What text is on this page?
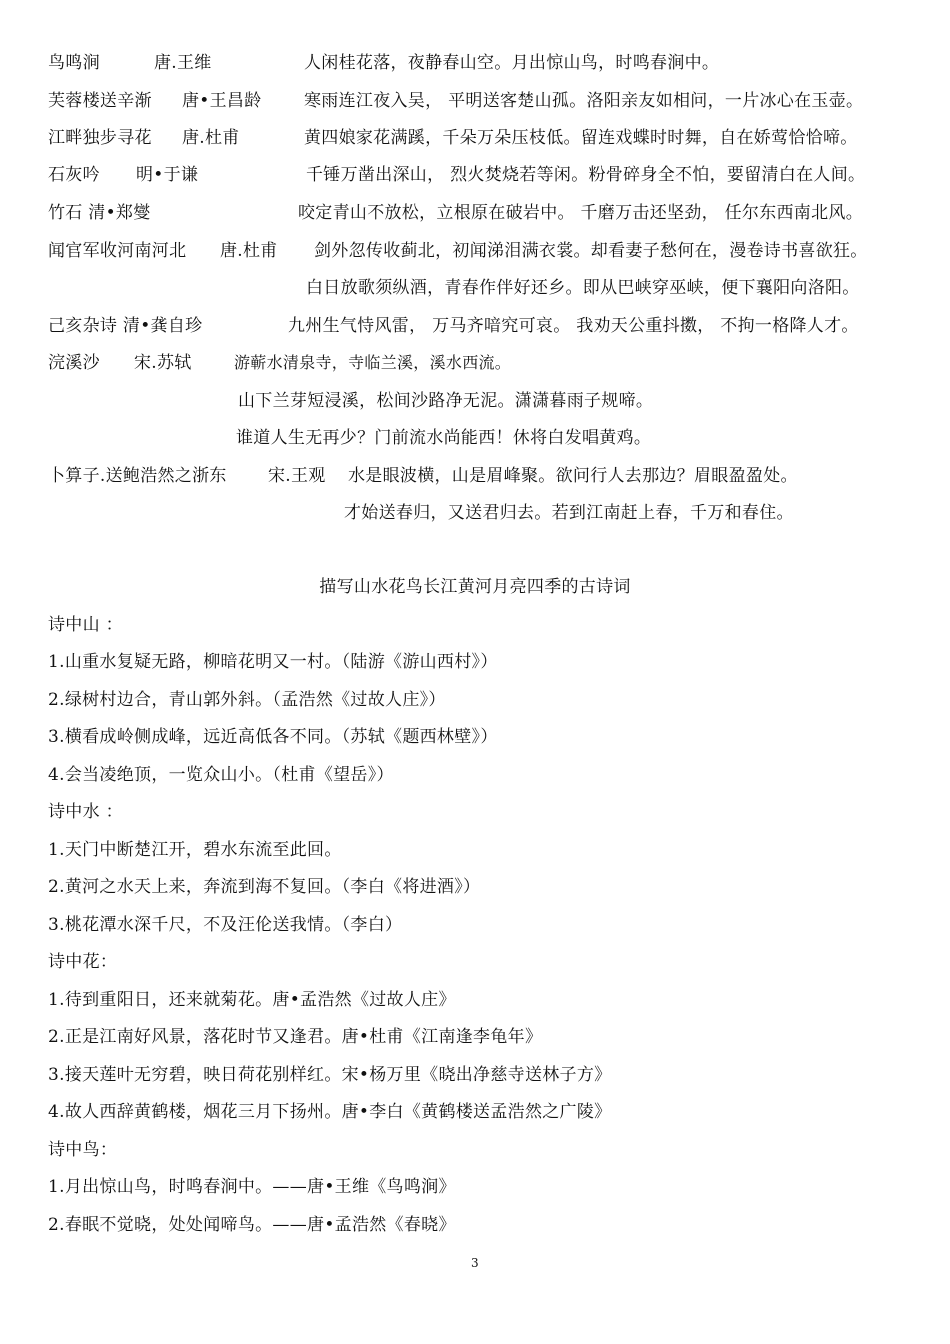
鸟鸣涧	唐.王维	人闲桂花落，夜静春山空。月出惊山鸟，时鸣春涧中。
芙蓉楼送辛渐 唐•王昌龄 寒雨连江夜入吴， 平明送客楚山孤。洛阳亲友如相问，一片冰心在玉壶。
江畔独步寻花 唐.杜甫	黄四娘家花满蹊，千朵万朵压枝低。留连戏蝶时时舞，自在娇莺恰恰啼。
石灰吟 明•于谦	千锤万凿出深山， 烈火焚烧若等闲。粉骨碎身全不怕，要留清白在人间。
竹石 清•郑燮	咬定青山不放松，立根原在破岩中。 千磨万击还坚劲， 任尔东西南北风。
闻官军收河南河北 唐.杜甫 剑外忽传收蓟北，初闻涕泪满衣裳。却看妻子愁何在，漫卷诗书喜欲狂。
白日放歌须纵酒，青春作伴好还乡。即从巴峡穿巫峡，便下襄阳向洛阳。
己亥杂诗 清•龚自珍	九州生气恃风雷， 万马齐喑究可哀。 我劝天公重抖擞， 不拘一格降人才。
浣溪沙 宋.苏轼	游蕲水清泉寺，寺临兰溪，溪水西流。
山下兰芽短浸溪，松间沙路净无泥。潇潇暮雨子规啼。
谁道人生无再少？门前流水尚能西！休将白发唱黄鸡。
卜算子.送鲍浩然之浙东 宋.王观 水是眼波横，山是眉峰聚。欲问行人去那边？眉眼盈盈处。
才始送春归，又送君归去。若到江南赶上春，千万和春住。
描写山水花鸟长江黄河月亮四季的古诗词
诗中山 ：
1.山重水复疑无路，柳暗花明又一村。（陆游《游山西村》）
2.绿树村边合，青山郭外斜。（孟浩然《过故人庄》）
3.横看成岭侧成峰，远近高低各不同。（苏轼《题西林壁》）
4.会当凌绝顶，一览众山小。（杜甫《望岳》）
诗中水 ：
1.天门中断楚江开，碧水东流至此回。
2.黄河之水天上来，奔流到海不复回。（李白《将进酒》）
3.桃花潭水深千尺，不及汪伦送我情。（李白）
诗中花：
1.待到重阳日，还来就菊花。唐•孟浩然《过故人庄》
2.正是江南好风景，落花时节又逢君。唐•杜甫《江南逢李龟年》
3.接天莲叶无穷碧，映日荷花别样红。宋•杨万里《晓出净慈寺送林子方》
4.故人西辞黄鹤楼，烟花三月下扬州。唐•李白《黄鹤楼送孟浩然之广陵》
诗中鸟：
1.月出惊山鸟，时鸣春涧中。——唐•王维《鸟鸣涧》
2.春眠不觉晓，处处闻啼鸟。——唐•孟浩然《春晓》
3
